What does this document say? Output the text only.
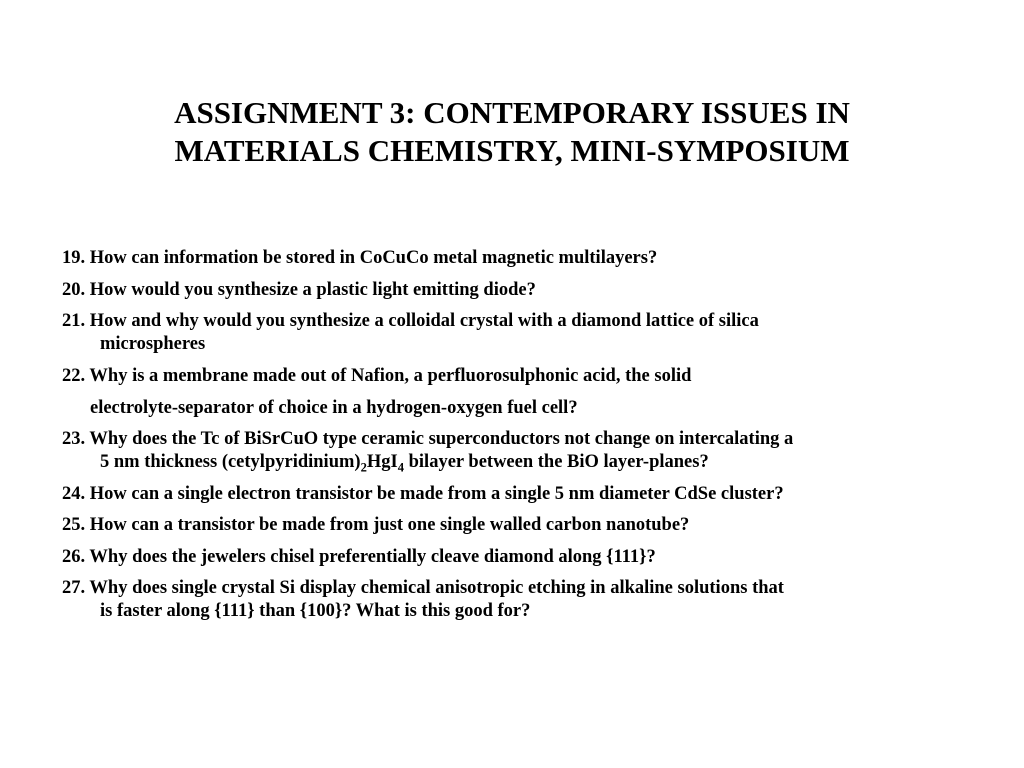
ASSIGNMENT 3: CONTEMPORARY ISSUES IN
MATERIALS CHEMISTRY, MINI-SYMPOSIUM

19. How can information be stored in CoCuCo metal magnetic multilayers?

20. How would you synthesize a plastic light emitting diode?

21. How and why would you synthesize a colloidal crystal with a diamond lattice of silica
microspheres

22. Why is a membrane made out of Nafion, a perfluorosulphonic acid, the solid

electrolyte-separator of choice in a hydrogen-oxygen fuel cell?

23. Why does the Tc of BiSrCuO type ceramic superconductors not change on intercalating a
5 nm thickness $(cetylpyridinium)_2HgI_4$ bilayer between the BiO layer-planes?

24. How can a single electron transistor be made from a single 5 nm diameter CdSe cluster?

25. How can a transistor be made from just one single walled carbon nanotube?

26. Why does the jewelers chisel preferentially cleave diamond along {111}?

27. Why does single crystal Si display chemical anisotropic etching in alkaline solutions that
is faster along {111} than {100}? What is this good for?
